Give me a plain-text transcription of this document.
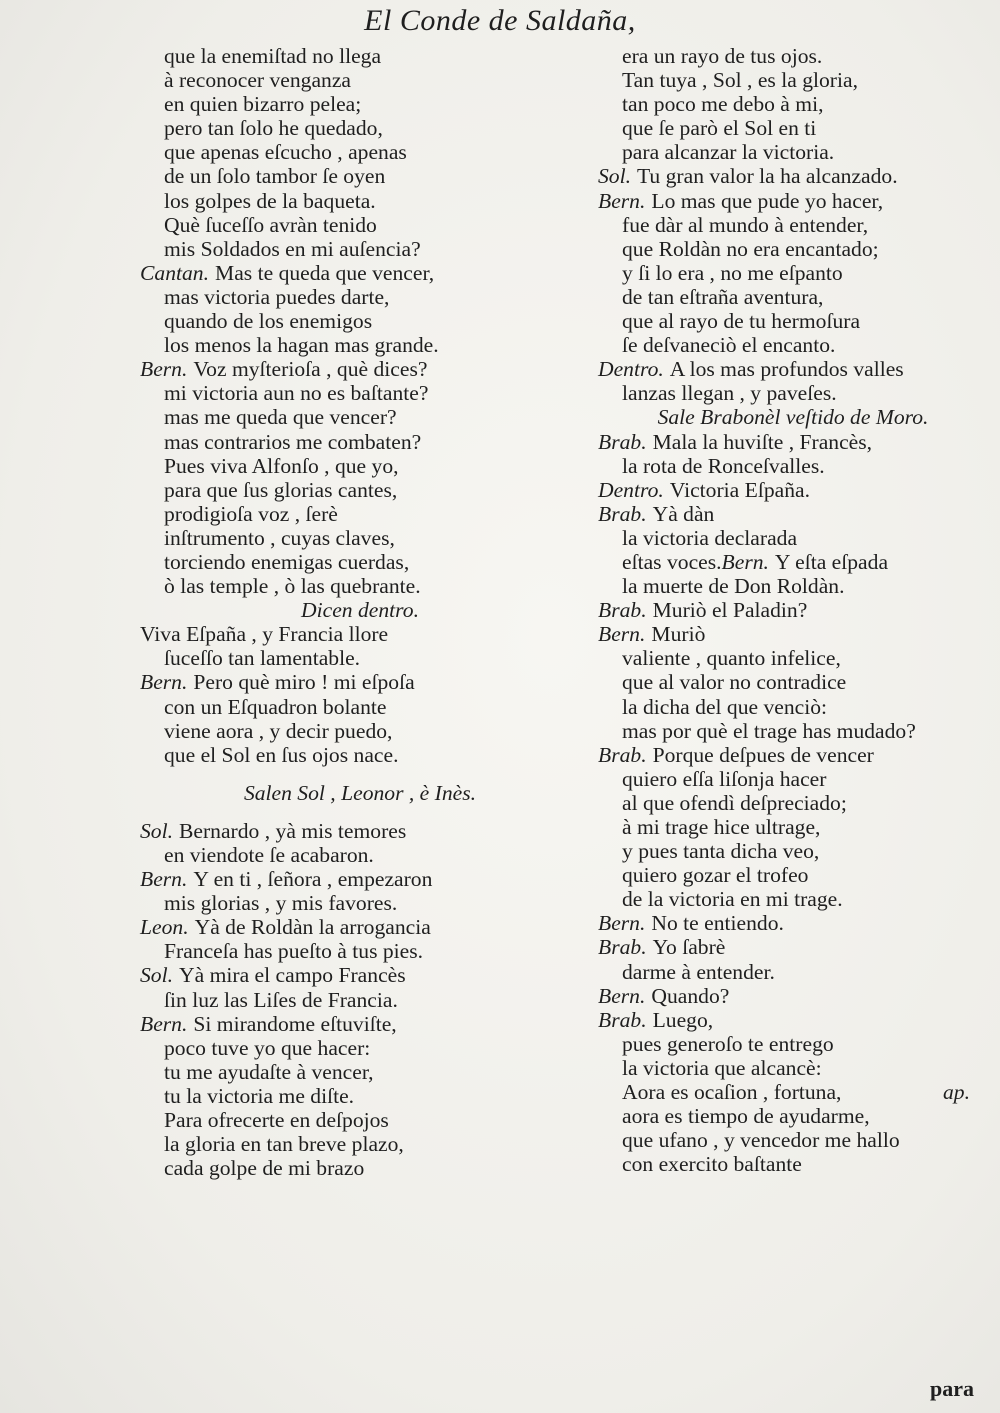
El Conde de Saldaña,
que la enemiſtad no llega
à reconocer venganza
en quien bizarro pelea;
pero tan ſolo he quedado,
que apenas eſcucho , apenas
de un ſolo tambor ſe oyen
los golpes de la baqueta.
Què ſuceſſo avràn tenido
mis Soldados en mi auſencia?
Cantan. Mas te queda que vencer,
mas victoria puedes darte,
quando de los enemigos
los menos la hagan mas grande.
Bern. Voz myſterioſa , què dices?
mi victoria aun no es baſtante?
mas me queda que vencer?
mas contrarios me combaten?
Pues viva Alfonſo , que yo,
para que ſus glorias cantes,
prodigioſa voz , ſerè
inſtrumento , cuyas claves,
torciendo enemigas cuerdas,
ò las temple , ò las quebrante.
Dicen dentro.
Viva Eſpaña , y Francia llore
ſuceſſo tan lamentable.
Bern. Pero què miro ! mi eſpoſa
con un Eſquadron bolante
viene aora , y decir puedo,
que el Sol en ſus ojos nace.
Salen Sol , Leonor , è Inès.
Sol. Bernardo , yà mis temores
en viendote ſe acabaron.
Bern. Y en ti , ſeñora , empezaron
mis glorias , y mis favores.
Leon. Yà de Roldàn la arrogancia
Franceſa has pueſto à tus pies.
Sol. Yà mira el campo Francès
ſin luz las Liſes de Francia.
Bern. Si mirandome eſtuviſte,
poco tuve yo que hacer:
tu me ayudaſte à vencer,
tu la victoria me diſte.
Para ofrecerte en deſpojos
la gloria en tan breve plazo,
cada golpe de mi brazo
era un rayo de tus ojos.
Tan tuya , Sol , es la gloria,
tan poco me debo à mi,
que ſe parò el Sol en ti
para alcanzar la victoria.
Sol. Tu gran valor la ha alcanzado.
Bern. Lo mas que pude yo hacer,
fue dàr al mundo à entender,
que Roldàn no era encantado;
y ſi lo era , no me eſpanto
de tan eſtraña aventura,
que al rayo de tu hermoſura
ſe deſvaneciò el encanto.
Dentro. A los mas profundos valles
lanzas llegan , y paveſes.
Sale Brabonèl veſtido de Moro.
Brab. Mala la huviſte , Francès,
la rota de Ronceſvalles.
Dentro. Victoria Eſpaña.
Brab. Yà dàn
la victoria declarada
eſtas voces.Bern. Y eſta eſpada
la muerte de Don Roldàn.
Brab. Muriò el Paladin?
Bern. Muriò
valiente , quanto infelice,
que al valor no contradice
la dicha del que venciò:
mas por què el trage has mudado?
Brab. Porque deſpues de vencer
quiero eſſa liſonja hacer
al que ofendì deſpreciado;
à mi trage hice ultrage,
y pues tanta dicha veo,
quiero gozar el trofeo
de la victoria en mi trage.
Bern. No te entiendo.
Brab. Yo ſabrè
darme à entender.
Bern. Quando?
Brab. Luego,
pues generoſo te entrego
la victoria que alcancè:
Aora es ocaſion , fortuna,	ap.
aora es tiempo de ayudarme,
que ufano , y vencedor me hallo
con exercito baſtante
para
